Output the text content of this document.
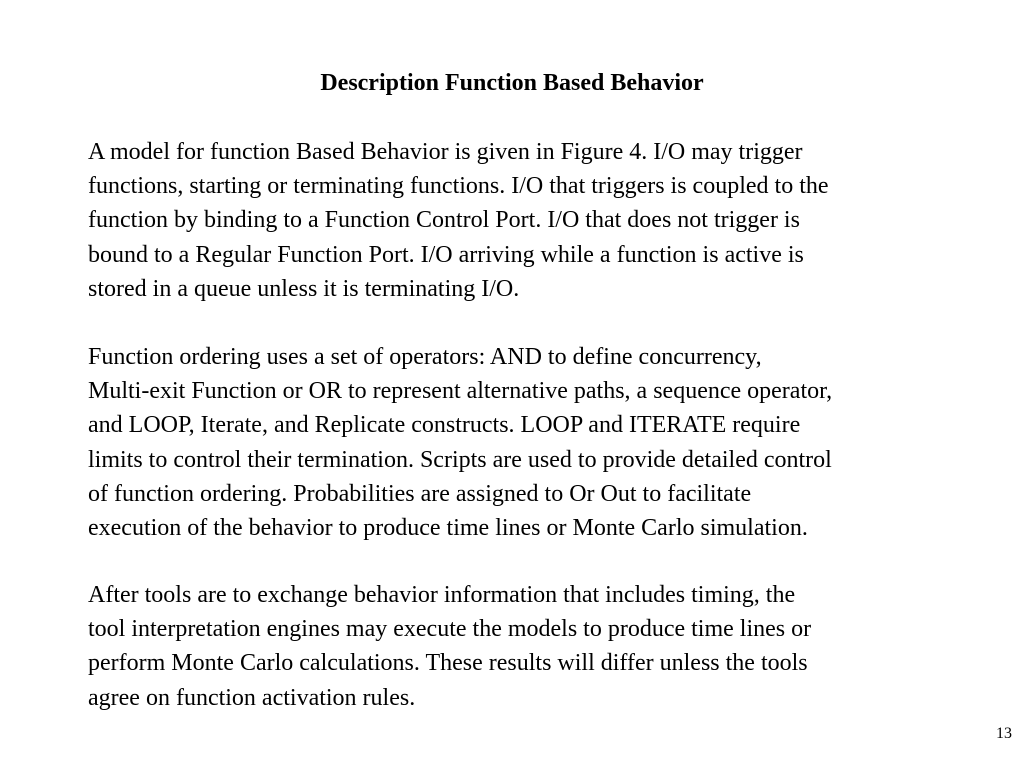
Description Function Based Behavior
A model for function Based Behavior is given in Figure 4. I/O may trigger
functions, starting or terminating functions. I/O that triggers is coupled to the
function by binding to a Function Control Port. I/O that does not trigger is
bound to a Regular Function Port. I/O arriving while a function is active is
stored in a queue unless it is terminating I/O.
Function ordering uses a set of operators: AND to define concurrency,
Multi-exit Function or OR to represent alternative paths, a sequence operator,
and LOOP, Iterate, and Replicate constructs. LOOP and ITERATE require
limits to control their termination. Scripts are used to provide detailed control
of function ordering. Probabilities are assigned to Or Out to facilitate
execution of the behavior to produce time lines or Monte Carlo simulation.
After tools are to exchange behavior information that includes timing, the
tool interpretation engines may execute the models to produce time lines or
perform Monte Carlo calculations. These results will differ unless the tools
agree on function activation rules.
13
